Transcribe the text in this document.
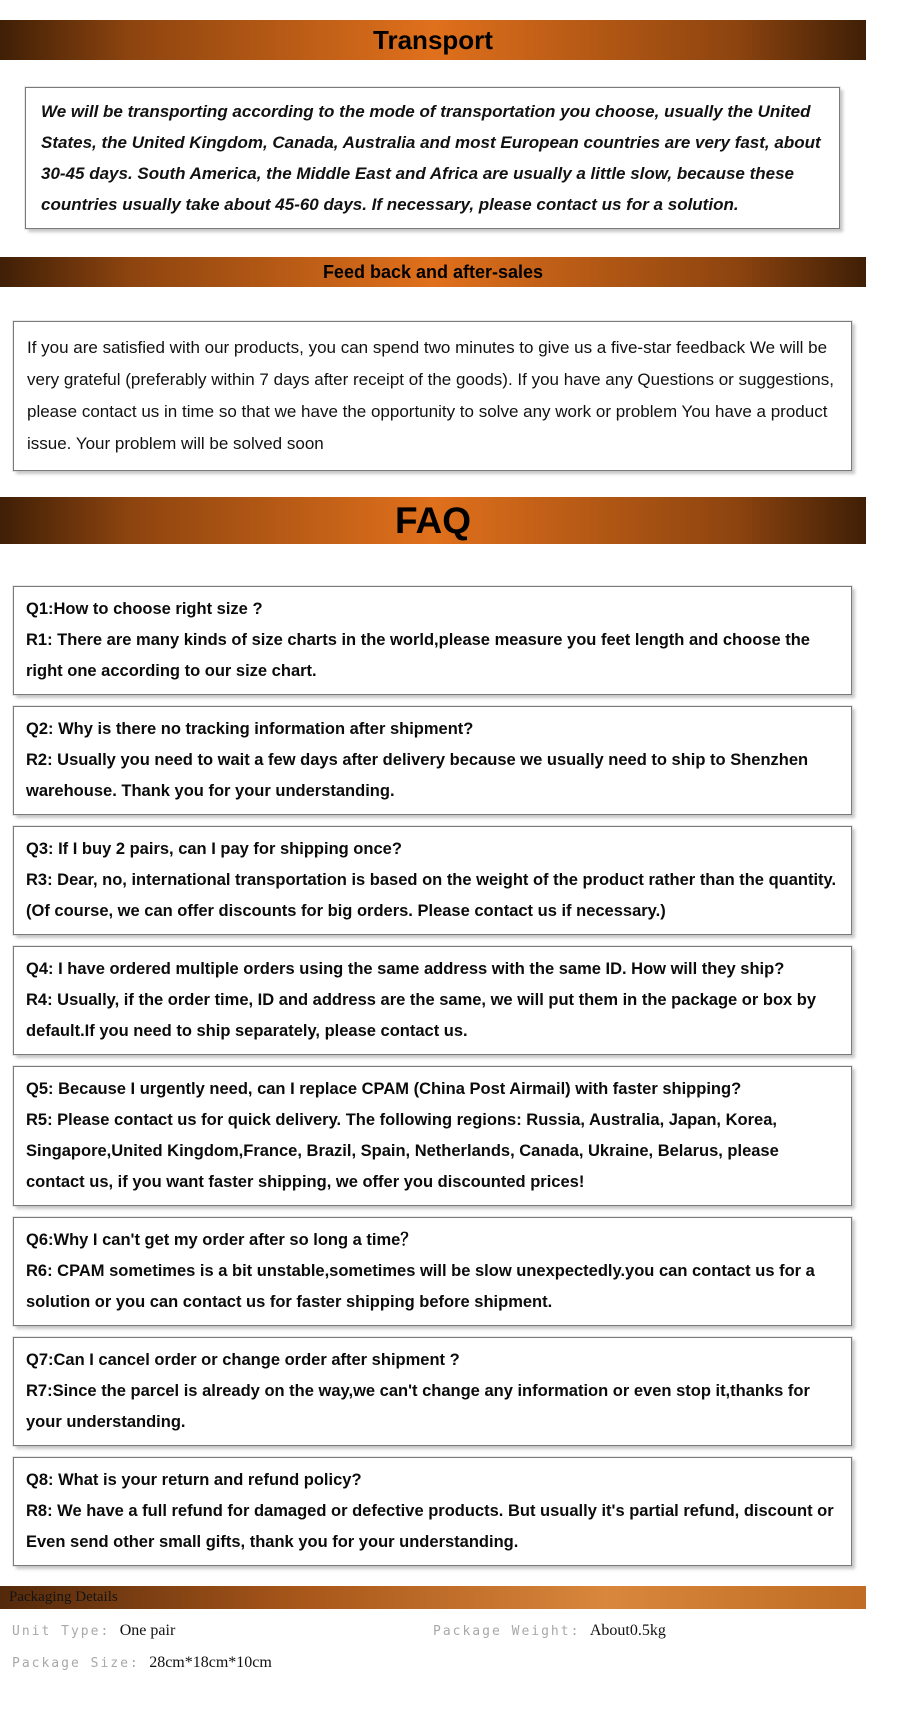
Transport

We will be transporting according to the mode of transportation you choose, usually the United States, the United Kingdom, Canada, Australia and most European countries are very fast, about 30-45 days. South America, the Middle East and Africa are usually a little slow, because these countries usually take about 45-60 days. If necessary, please contact us for a solution.

Feed back and after-sales

If you are satisfied with our products, you can spend two minutes to give us a five-star feedback We will be very grateful (preferably within 7 days after receipt of the goods). If you have any Questions or suggestions, please contact us in time so that we have the opportunity to solve any work or problem You have a product issue. Your problem will be solved soon

FAQ

Q1:How to choose right size ?

R1: There are many kinds of size charts in the world,please measure you feet length and choose the right one according to our size chart.

Q2: Why is there no tracking information after shipment?

R2: Usually you need to wait a few days after delivery because we usually need to ship to Shenzhen warehouse. Thank you for your understanding.

Q3: If I buy 2 pairs, can I pay for shipping once?

R3: Dear, no, international transportation is based on the weight of the product rather than the quantity. (Of course, we can offer discounts for big orders. Please contact us if necessary.)

Q4: I have ordered multiple orders using the same address with the same ID. How will they ship?

R4: Usually, if the order time, ID and address are the same, we will put them in the package or box by default.If you need to ship separately, please contact us.

Q5: Because I urgently need, can I replace CPAM (China Post Airmail) with faster shipping?

R5: Please contact us for quick delivery. The following regions: Russia, Australia, Japan, Korea, Singapore,United Kingdom,France, Brazil, Spain, Netherlands, Canada, Ukraine, Belarus, please contact us, if you want faster shipping, we offer you discounted prices!

Q6:Why I can't get my order after so long a time？

R6: CPAM sometimes is a bit unstable,sometimes will be slow unexpectedly.you can contact us for a solution or you can contact us for faster shipping before shipment.

Q7:Can I cancel order or change order after shipment ?

R7:Since the parcel is already on the way,we can't change any information or even stop it,thanks for your understanding.

Q8: What is your return and refund policy?

R8: We have a full refund for damaged or defective products. But usually it's partial refund, discount or Even send other small gifts, thank you for your understanding.

Packaging Details
Unit Type: One pair	Package Weight: About0.5kg
Package Size: 28cm*18cm*10cm
